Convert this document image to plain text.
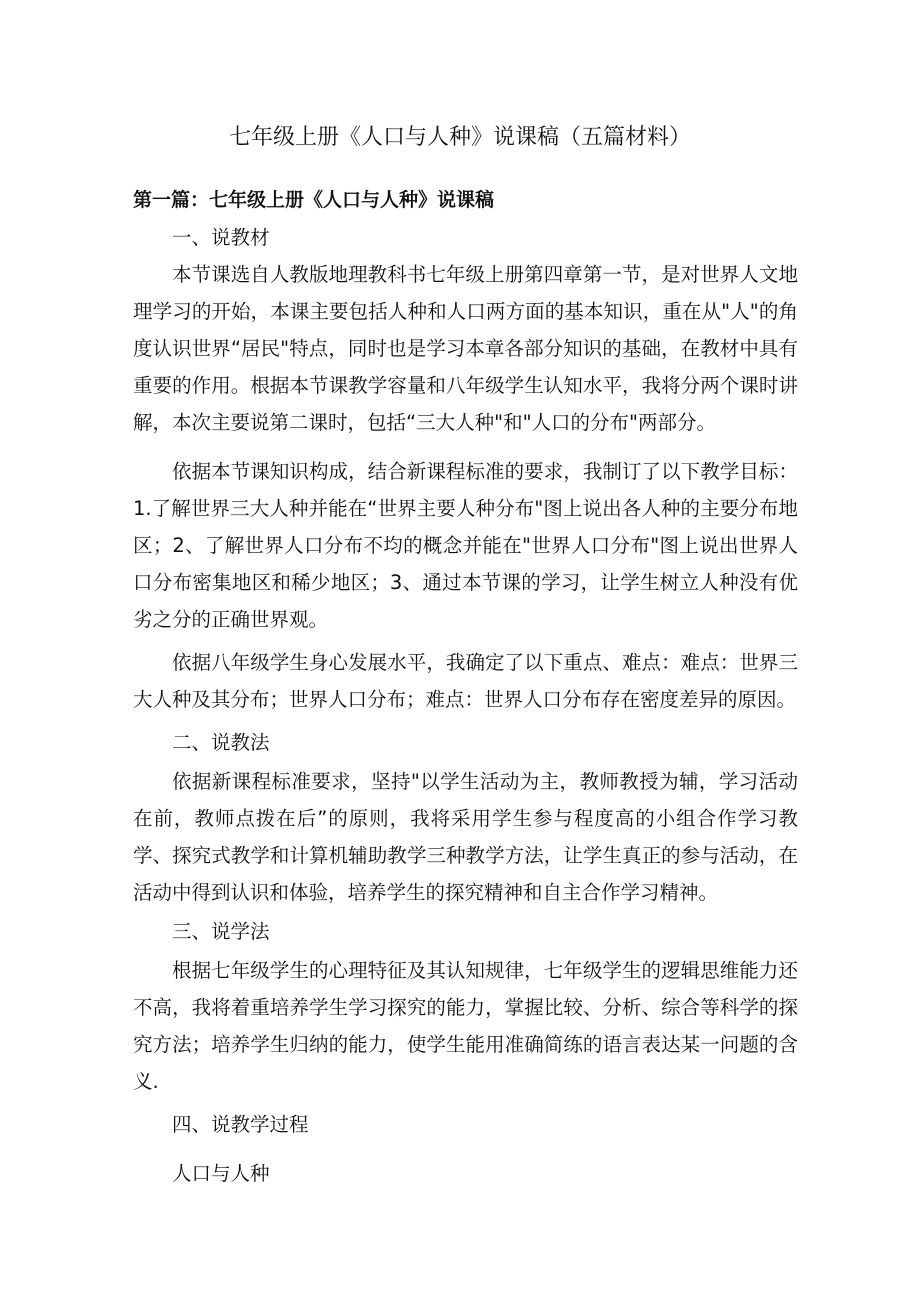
七年级上册《人口与人种》说课稿（五篇材料）
第一篇：七年级上册《人口与人种》说课稿

一、说教材

本节课选自人教版地理教科书七年级上册第四章第一节，是对世界人文地理学习的开始，本课主要包括人种和人口两方面的基本知识，重在从"人"的角度认识世界“居民"特点，同时也是学习本章各部分知识的基础，在教材中具有重要的作用。根据本节课教学容量和八年级学生认知水平，我将分两个课时讲解，本次主要说第二课时，包括“三大人种"和"人口的分布"两部分。

依据本节课知识构成，结合新课程标准的要求，我制订了以下教学目标：1.了解世界三大人种并能在“世界主要人种分布"图上说出各人种的主要分布地区；2、了解世界人口分布不均的概念并能在"世界人口分布"图上说出世界人口分布密集地区和稀少地区；3、通过本节课的学习，让学生树立人种没有优劣之分的正确世界观。

依据八年级学生身心发展水平，我确定了以下重点、难点：难点：世界三大人种及其分布；世界人口分布；难点：世界人口分布存在密度差异的原因。

二、说教法

依据新课程标准要求，坚持"以学生活动为主，教师教授为辅，学习活动在前，教师点拨在后”的原则，我将采用学生参与程度高的小组合作学习教学、探究式教学和计算机辅助教学三种教学方法，让学生真正的参与活动，在活动中得到认识和体验，培养学生的探究精神和自主合作学习精神。

三、说学法

根据七年级学生的心理特征及其认知规律，七年级学生的逻辑思维能力还不高，我将着重培养学生学习探究的能力，掌握比较、分析、综合等科学的探究方法；培养学生归纳的能力，使学生能用准确简练的语言表达某一问题的含义.

四、说教学过程

人口与人种
